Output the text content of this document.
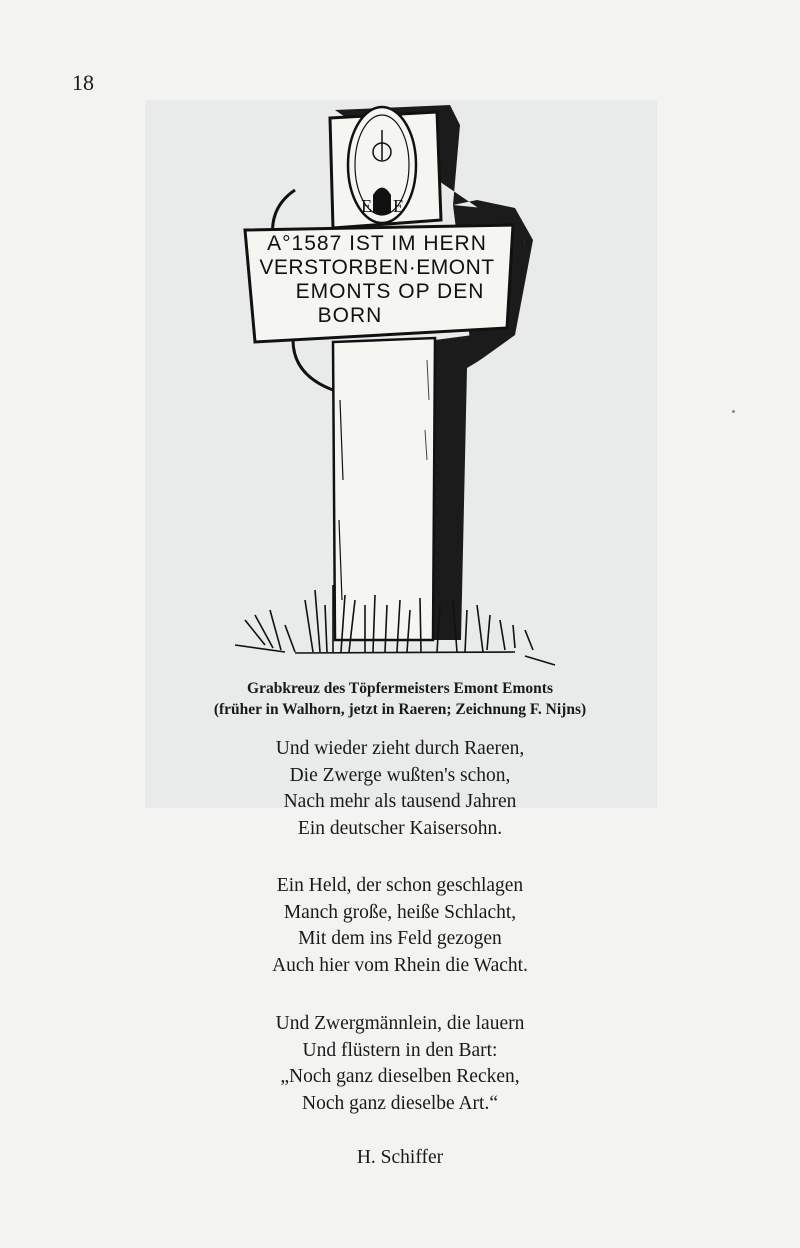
18
E E
A°1587 IST IM HERN
VERSTORBEN·EMONT
EMONTS OP DEN
BORN
Grabkreuz des Töpfermeisters Emont Emonts
(früher in Walhorn, jetzt in Raeren; Zeichnung F. Nijns)
Und wieder zieht durch Raeren,
Die Zwerge wußten's schon,
Nach mehr als tausend Jahren
Ein deutscher Kaisersohn.
Ein Held, der schon geschlagen
Manch große, heiße Schlacht,
Mit dem ins Feld gezogen
Auch hier vom Rhein die Wacht.
Und Zwergmännlein, die lauern
Und flüstern in den Bart:
„Noch ganz dieselben Recken,
Noch ganz dieselbe Art.“
H. Schiffer
